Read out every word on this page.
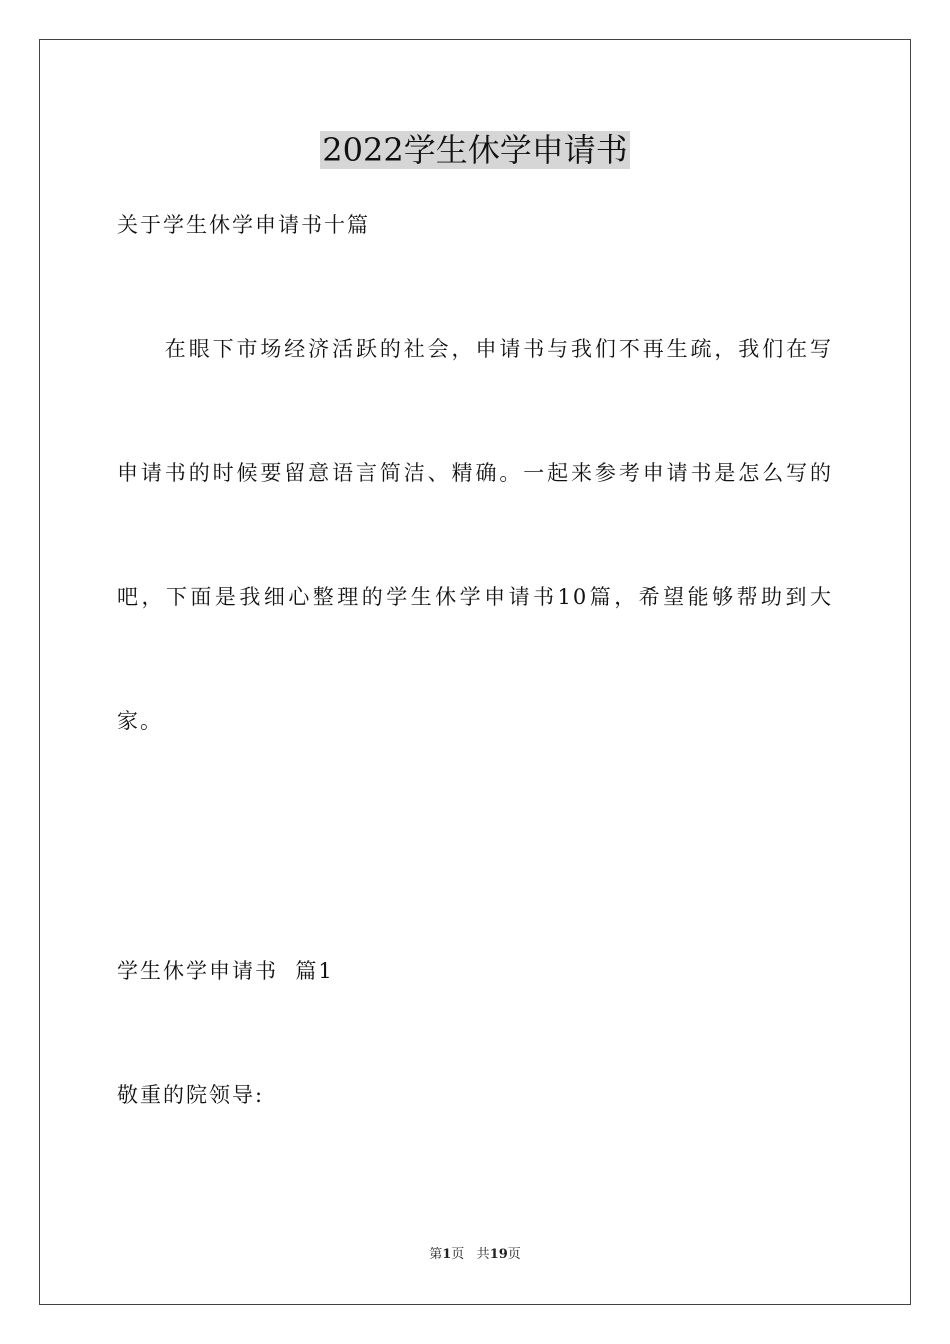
2022学生休学申请书

关于学生休学申请书十篇

　　在眼下市场经济活跃的社会，申请书与我们不再生疏，我们在写

申请书的时候要留意语言简洁、精确。一起来参考申请书是怎么写的

吧，下面是我细心整理的学生休学申请书10篇，希望能够帮助到大

家。

学生休学申请书  篇1

敬重的院领导:

第1页 共19页
